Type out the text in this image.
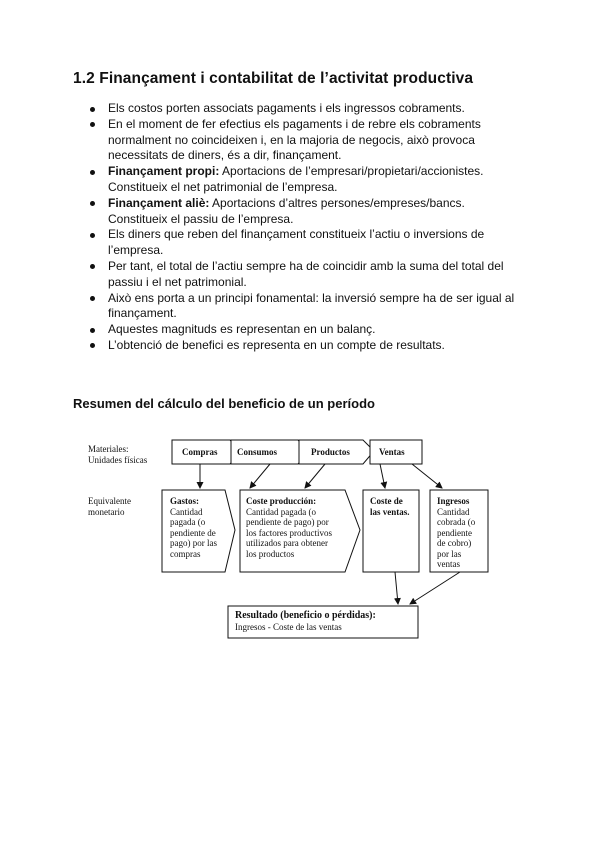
1.2 Finançament i contabilitat de l’activitat productiva
Els costos porten associats pagaments i els ingressos cobraments.
En el moment de fer efectius els pagaments i de rebre els cobraments normalment no coincideixen i, en la majoria de negocis, això provoca necessitats de diners, és a dir, finançament.
Finançament propi: Aportacions de l’empresari/propietari/accionistes. Constitueix el net patrimonial de l’empresa.
Finançament aliè: Aportacions d’altres persones/empreses/bancs. Constitueix el passiu de l’empresa.
Els diners que reben del finançament constitueix l’actiu o inversions de l’empresa.
Per tant, el total de l’actiu sempre ha de coincidir amb la suma del total del passiu i el net patrimonial.
Això ens porta a un principi fonamental: la inversió sempre ha de ser igual al finançament.
Aquestes magnituds es representan en un balanç.
L’obtenció de benefici es representa en un compte de resultats.
Resumen del cálculo del beneficio de un período
Materiales:
Unidades físicas
Equivalente
monetario
Compras Consumos	Productos	Ventas
Gastos:
Cantidad
pagada (o
pendiente de
pago) por las
compras
Coste producción:
Cantidad pagada (o
pendiente de pago) por
los factores productivos
utilizados para obtener
los productos
Coste de
las ventas.
Ingresos
Cantidad
cobrada (o
pendiente
de cobro)
por las
ventas
Resultado (beneficio o pérdidas):
Ingresos - Coste de las ventas
